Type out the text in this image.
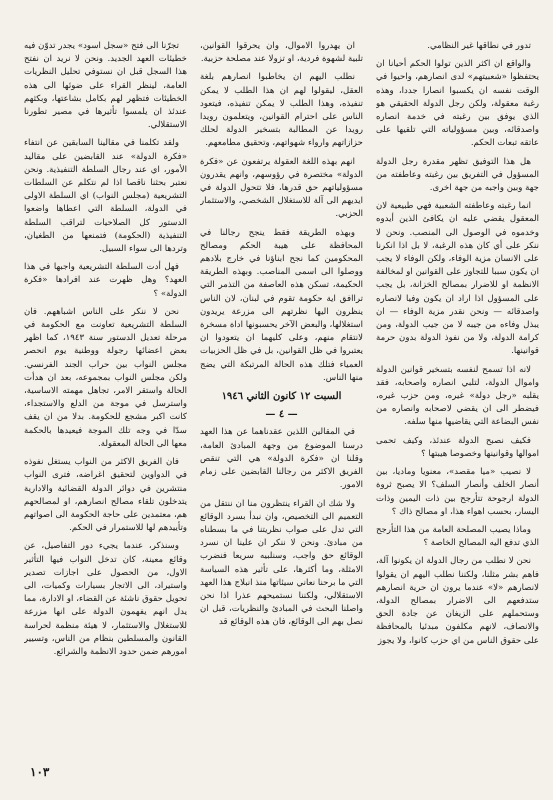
تدور في نطاقها غير النظامي.

والواقع ان اكثر الذين تولوا الحكم أحيانا ان يحتفظوا «شعبيتهم» لدى انصارهم، واحيوا في الوقت نفسه ان يكسبوا انصارا جددا، وهذه رغبة معقولة، ولكن رجل الدولة الحقيقي هو الذي يوفق بين رغبته في خدمة انصاره واصدقائه، وبين مسؤولياته التي تلقيها على عاتقه تبعات الحكم.

هل هذا التوفيق تظهر مقدرة رجل الدولة المسؤول في التفريق بين رغبته وعاطفته من جهة وبين واجبه من جهة اخرى.

انما رغبته وعاطفته الشعبية فهي طبيعية لان المعقول يقضي عليه ان يكافئ الذين أيدوه وخدموه في الوصول الى المنصب. ونحن لا ننكر على أي كان هذه الرغبة، لا بل اذا انكرنا على الانسان مزية الوفاء، ولكن الوفاء لا يجب ان يكون سببا للتجاوز على القوانين او لمخالفة الانظمة او للاضرار بمصالح الخزانة، بل يجب على المسؤول اذا اراد ان يكون وفيا لانصاره واصدقائه — ونحن نقدر مزية الوفاء — ان يبذل وفاءه من جيبه لا من جيب الدولة، ومن كرامة الدولة، ولا من نفوذ الدولة بدون حرمة قوانينها.

لانه اذا تسمح لنفسه بتسخير قوانين الدولة واموال الدولة، لتلبي انصاره واصحابه، فقد يقلبه «رجل دولة» غيره، ومن حزب غيره، فيضطر الى ان يقضي لاصحابه وانصاره من نفس البضاعة التي يقاضيها منها سلفه.

فكيف نصبح الدولة عندئذ، وكيف تحمى اموالها وقوانينها وخصوصا هيبتها ؟

لا نصيب «ميا مقصد»، معنويا وماديا، بين أنصار الخلف وأنصار السلف؟ الا يصبح ثروة الدولة ارجوحة تتأرجح بين ذات اليمين وذات اليسار، بحسب اهواء هذا، او مصالح ذاك ؟

وماذا يصيب المصلحة العامة من هذا التأرجح الذي تدفع اليه المصالح الخاصة ؟

نحن لا نطلب من رجال الدولة ان يكونوا آلة، فاهم بشر مثلنا، ولكننا نطلب اليهم ان يقولوا لانصارهم «لا» عندما يرون ان حرية انصارهم ستدفعهم الى الاضرار بمصالح الدولة، وستحملهم على الزيغان عن جادة الحق والانصاف، لانهم مكلفون مبدئيا بالمحافظة على حقوق الناس من اي حزب كانوا، ولا يجوز

ان يهدروا الاموال، وان يحرقوا القوانين، تلبية لشهوة فردية، او تزولا عند مصلحة حزبية.

نطلب اليهم ان يخاطبوا انصارهم بلغة العقل، ليقولوا لهم ان هذا الطلب لا يمكن تنفيذه، وهذا الطلب لا يمكن تنفيذه، فيتعود الناس على احترام القوانين، ويتعلمون رويدا رويدا عن المطالبة بتسخير الدولة لحلك حزازاتهم وارواء شهواتهم، وتحقيق مطامعهم.

انهم بهذه اللغة العقولة يرتفعون عن «فكرة الدولة» مختصرة في رؤوسهم، وانهم يقدرون مسؤولياتهم حق قدرها، فلا تتحول الدولة في ايديهم الى آلة للاستغلال الشخصي، والاستثمار الحزبي.

وبهذه الطريقة فقط ينجح رجالنا في المحافظة على هيبة الحكم ومصالح المحكومين كما نجح ابناؤنا في خارج بلادهم ووصلوا الى اسمى المناصب. وبهذه الطريقة الحكيمة، تسكن هذه العاصفة من التذمر التي تراافق اية حكومة تقوم في لبنان، لان الناس ينظرون اليها نظرتهم الى مزرعة يريدون استغلالها، والبعض الآخر يحسبونها اداة مسخرة لانتقام منهم، وعلى كليهما ان يتعودوا ان يعتبروا في ظل القوانين، بل في ظل الحزبيات العمياء فتلك هذه الحالة المرتبكة التي يضج منها الناس.

السبت ١٢ كانون الثاني ١٩٤٦

— ٤ —

في المقالين اللذين عقدناهما عن هذا العهد درسنا الموضوع من وجهة المبادئ العامة، وقلنا ان «فكرة الدولة» هي التي تنقص الفريق الاكثر من رجالنا القابضين على زمام الامور.

ولا شك ان القراء ينتظرون منا ان ننتقل من التعميم الى التخصيص، وان نبدأ بسرد الوقائع التي تدل على صواب نظريتنا في ما بسطناه من مبادئ. ونحن لا ننكر ان علينا ان نسرد الوقائع حق واجب، وسنلبيه سريعا فنضرب الامثلة، وما أكثرها، على تأثير هذه السياسة التي ما برحنا نعاني سيئاتها منذ انبلاج هذا العهد الاستقلالي، ولكننا نستميحهم عذرا اذا نحن واصلنا البحث في المبادئ والنظريات، قبل ان نصل بهم الى الوقائع، فان هذه الوقائع قد

تجرّنا الى فتح «سجل اسود» يجدر تدوّن فيه خطيئات العهد الجديد. ونحن لا نريد ان نفتح هذا السجل قبل ان نستوفي تحليل النظريات العامة، لينظر القراء على ضوئها الى هذه الخطيئات فتظهر لهم بكامل بشاعتها، وبكثهم عندئذ ان يلمسوا تأثيرها في مصير تطورنا الاستقلالي.

ولقد تكلمنا في مقالينا السابقين عن انتفاء «فكرة الدولة» عند القابضين على مقاليد الأمور، اي عند رجال السلطة التنفيذية. ونحن نعتبر بحثنا ناقصا اذا لم نتكلم عن السلطات التشريعية (مجلس النواب) اي السلطة الاولى في الدولة، السلطة التي اعطاها واضعوا الدستور كل الصلاحيات لتراقب السلطة التنفيذية (الحكومة) فتمنعها من الطغيان، وتردها الى سواء السبيل.

فهل أدت السلطة التشريعية واجبها في هذا العهد؟ وهل ظهرت عند افرادها «فكرة الدولة» ؟

نحن لا ننكر على الناس اشباههم. فان السلطة التشريعية تعاونت مع الحكومة في مرحلة تعديل الدستور سنة ١٩٤٣، كما اظهر بعض اعضائها رجولة ووطنية يوم انحصر مجلس النواب بين حراب الجند الفرنسي. ولكن مجلس النواب بمجموعه، بعد ان هدأت الحالة واستقر الامر، تجاهل مهمته الاساسية، واسترسل في موجة من الدلع والاستجداء، كانت اكبر مشجع للحكومة. بدلا من ان يقف سدّا في وجه تلك الموجة فيعيدها بالحكمة معها الى الحالة المعقولة.

فان الفريق الاكثر من النواب يستغل نفوذه في الدواوين لتحقيق اغراضه، فترى النواب منتشرين في دوائر الدولة القضائية والادارية يتدخلون تلقاء مصالح انصارهم، او لمصالحهم هم، معتمدين على حاجة الحكومة الى اصواتهم وتأييدهم لها للاستمرار في الحكم.

وسنذكر، عندما يجيء دور التفاصيل، عن وقائع معينة، كان تدخل النواب فيها التأثير الاول، من الحصول على اجازات تصدير واستيراد، الى الاتجار بسيارات وكميات، الى تحويل حقوق ناشئة عن القضاء، او الادارة، مما يدل انهم يفهمون الدولة على انها مزرعة للاستغلال والاستثمار، لا هيئة منظمة لحراسة القانون والمسلطين بنظام من الناس، وتسيير امورهم ضمن حدود الانظمة والشرائع.

١٠٣
